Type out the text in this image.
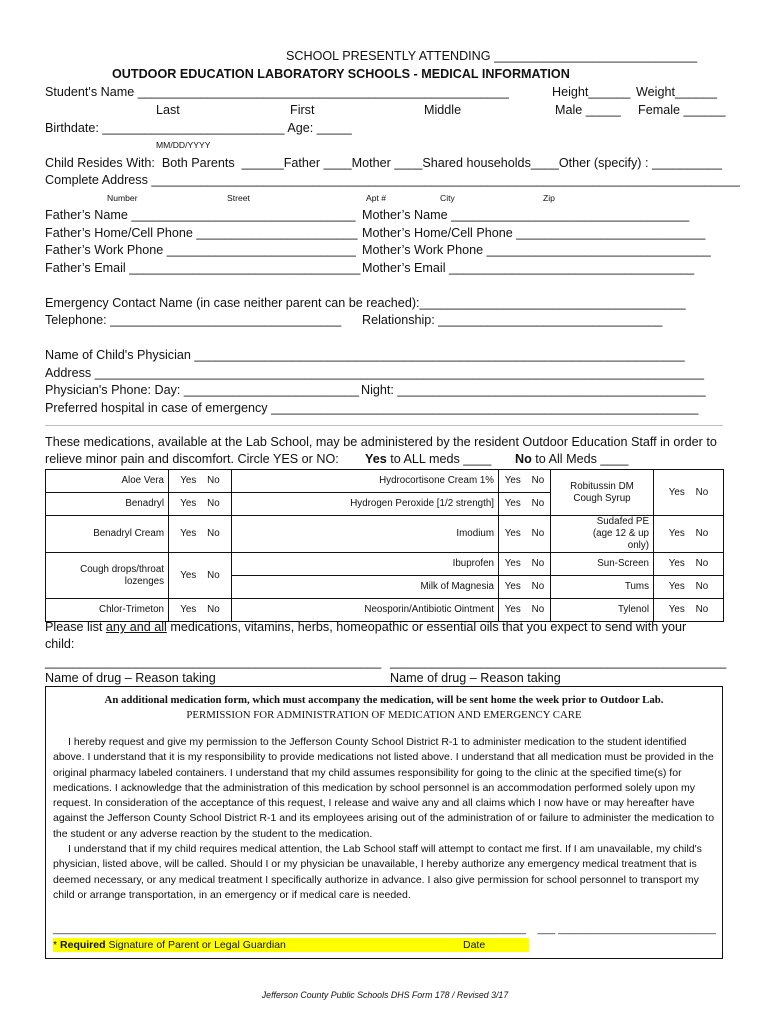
SCHOOL PRESENTLY ATTENDING _____________________________
OUTDOOR EDUCATION LABORATORY SCHOOLS - MEDICAL INFORMATION
Student's Name _____________________________________________________	Height______ Weight______
Last	First	Middle	Male _____ Female ______
Birthdate: __________________________ Age: _____
MM/DD/YYYY
Child Resides With:  Both Parents  ______Father ____Mother ____Shared households____Other (specify) : __________
Complete Address ____________________________________________________________________________________
Number	Street	Apt #	City	Zip
Father’s Name ________________________________
Father’s Home/Cell Phone _______________________
Father’s Work Phone ___________________________
Father’s Email _________________________________
Mother’s Name __________________________________
Mother’s Home/Cell Phone ___________________________
Mother’s Work Phone ________________________________
Mother’s Email ___________________________________
Emergency Contact Name (in case neither parent can be reached):______________________________________
Telephone: _________________________________ Relationship: ________________________________
Name of Child's Physician ______________________________________________________________________
Address _______________________________________________________________________________________
Physician's Phone: Day: _________________________ Night: ____________________________________________
Preferred hospital in case of emergency _____________________________________________________________
These medications, available at the Lab School, may be administered by the resident Outdoor Education Staff in order to
relieve minor pain and discomfort. Circle YES or NO: Yes to ALL meds ____ No to All Meds ____
Aloe Vera	Yes No	Hydrocortisone Cream 1%	Yes No	Robitussin DM Cough Syrup	Yes No
Benadryl	Yes No	Hydrogen Peroxide [1/2 strength]	Yes No		
Benadryl Cream	Yes No	Imodium	Yes No	Sudafed PE (age 12 & up only)	Yes No
Cough drops/throat lozenges	Yes No	Ibuprofen	Yes No	Sun-Screen	Yes No
		Milk of Magnesia	Yes No	Tums	Yes No
Chlor-Trimeton	Yes No	Neosporin/Antibiotic Ointment	Yes No	Tylenol	Yes No
Please list any and all medications, vitamins, herbs, homeopathic or essential oils that you expect to send with your
child:
________________________________________________ ________________________________________________
Name of drug – Reason taking	Name of drug – Reason taking
An additional medication form, which must accompany the medication, will be sent home the week prior to Outdoor Lab.
PERMISSION FOR ADMINISTRATION OF MEDICATION AND EMERGENCY CARE

I hereby request and give my permission to the Jefferson County School District R-1 to administer medication to the student identified above. I understand that it is my responsibility to provide medications not listed above. I understand that all medication must be provided in the original pharmacy labeled containers. I understand that my child assumes responsibility for going to the clinic at the specified time(s) for medications. I acknowledge that the administration of this medication by school personnel is an accommodation performed solely upon my request. In consideration of the acceptance of this request, I release and waive any and all claims which I now have or may hereafter have against the Jefferson County School District R-1 and its employees arising out of the administration of or failure to administer the medication to the student or any adverse reaction by the student to the medication.

I understand that if my child requires medical attention, the Lab School staff will attempt to contact me first. If I am unavailable, my child's physician, listed above, will be called. Should I or my physician be unavailable, I hereby authorize any emergency medical treatment that is deemed necessary, or any medical treatment I specifically authorize in advance. I also give permission for school personnel to transport my child or arrange transportation, in an emergency or if medical care is needed.

_________________________________________________________________________________    ___ ___________________________
* Required Signature of Parent or Legal Guardian	Date
Jefferson County Public Schools DHS Form 178 / Revised 3/17
